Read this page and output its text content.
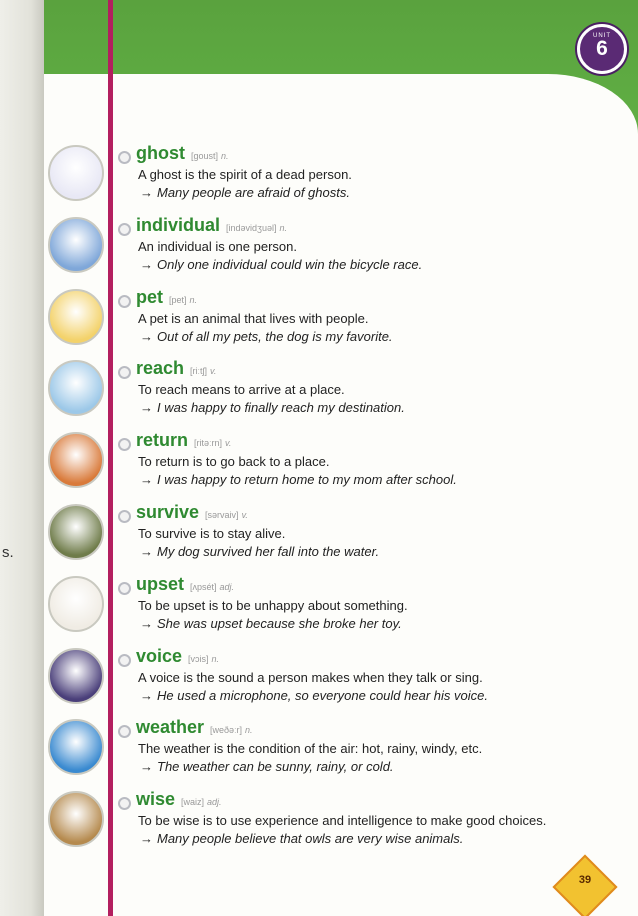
s.
UNIT
6
ghost [goust] n.
A ghost is the spirit of a dead person.
→ Many people are afraid of ghosts.
individual [indəvidʒuəl] n.
An individual is one person.
→ Only one individual could win the bicycle race.
pet [pet] n.
A pet is an animal that lives with people.
→ Out of all my pets, the dog is my favorite.
reach [riːtʃ] v.
To reach means to arrive at a place.
→ I was happy to finally reach my destination.
return [ritəːrn] v.
To return is to go back to a place.
→ I was happy to return home to my mom after school.
survive [sərvaiv] v.
To survive is to stay alive.
→ My dog survived her fall into the water.
upset [ʌpsét] adj.
To be upset is to be unhappy about something.
→ She was upset because she broke her toy.
voice [vɔis] n.
A voice is the sound a person makes when they talk or sing.
→ He used a microphone, so everyone could hear his voice.
weather [weðəːr] n.
The weather is the condition of the air: hot, rainy, windy, etc.
→ The weather can be sunny, rainy, or cold.
wise [waiz] adj.
To be wise is to use experience and intelligence to make good choices.
→ Many people believe that owls are very wise animals.
39
